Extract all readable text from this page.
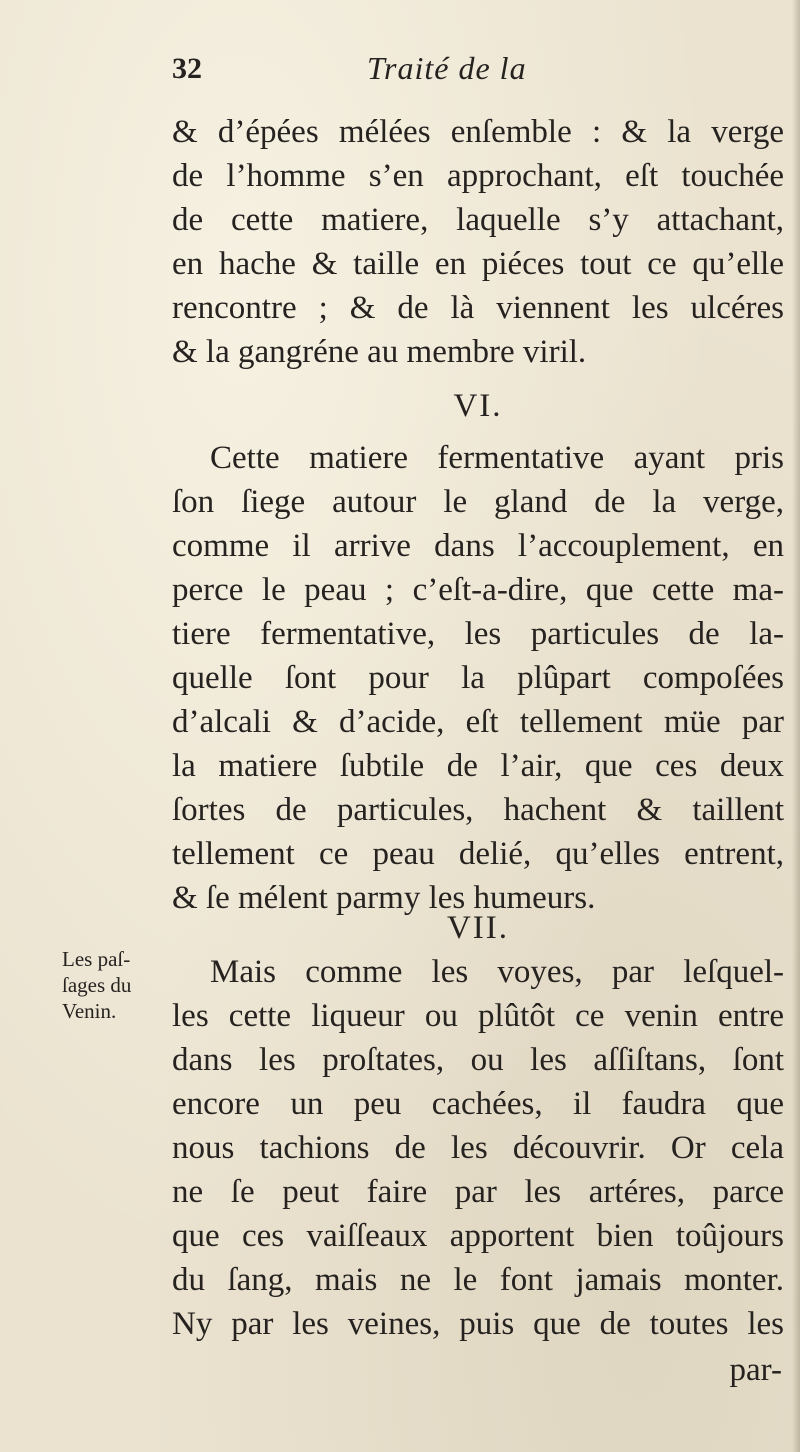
32	Traité de la
& d’épées mélées enſemble : & la verge
de l’homme s’en approchant, eſt touchée
de cette matiere, laquelle s’y attachant,
en hache & taille en piéces tout ce qu’elle
rencontre ; & de là viennent les ulcéres
& la gangréne au membre viril.
VI.
Cette matiere fermentative ayant pris
ſon ſiege autour le gland de la verge,
comme il arrive dans l’accouplement, en
perce le peau ; c’eſt-a-dire, que cette ma-
tiere fermentative, les particules de la-
quelle ſont pour la plûpart compoſées
d’alcali & d’acide, eſt tellement müe par
la matiere ſubtile de l’air, que ces deux
ſortes de particules, hachent & taillent
tellement ce peau delié, qu’elles entrent,
& ſe mélent parmy les humeurs.
VII.
Les paſ-
ſages du
Venin.
Mais comme les voyes, par leſquel-
les cette liqueur ou plûtôt ce venin entre
dans les proſtates, ou les aſſiſtans, ſont
encore un peu cachées, il faudra que
nous tachions de les découvrir. Or cela
ne ſe peut faire par les artéres, parce
que ces vaiſſeaux apportent bien toûjours
du ſang, mais ne le font jamais monter.
Ny par les veines, puis que de toutes les
par-
